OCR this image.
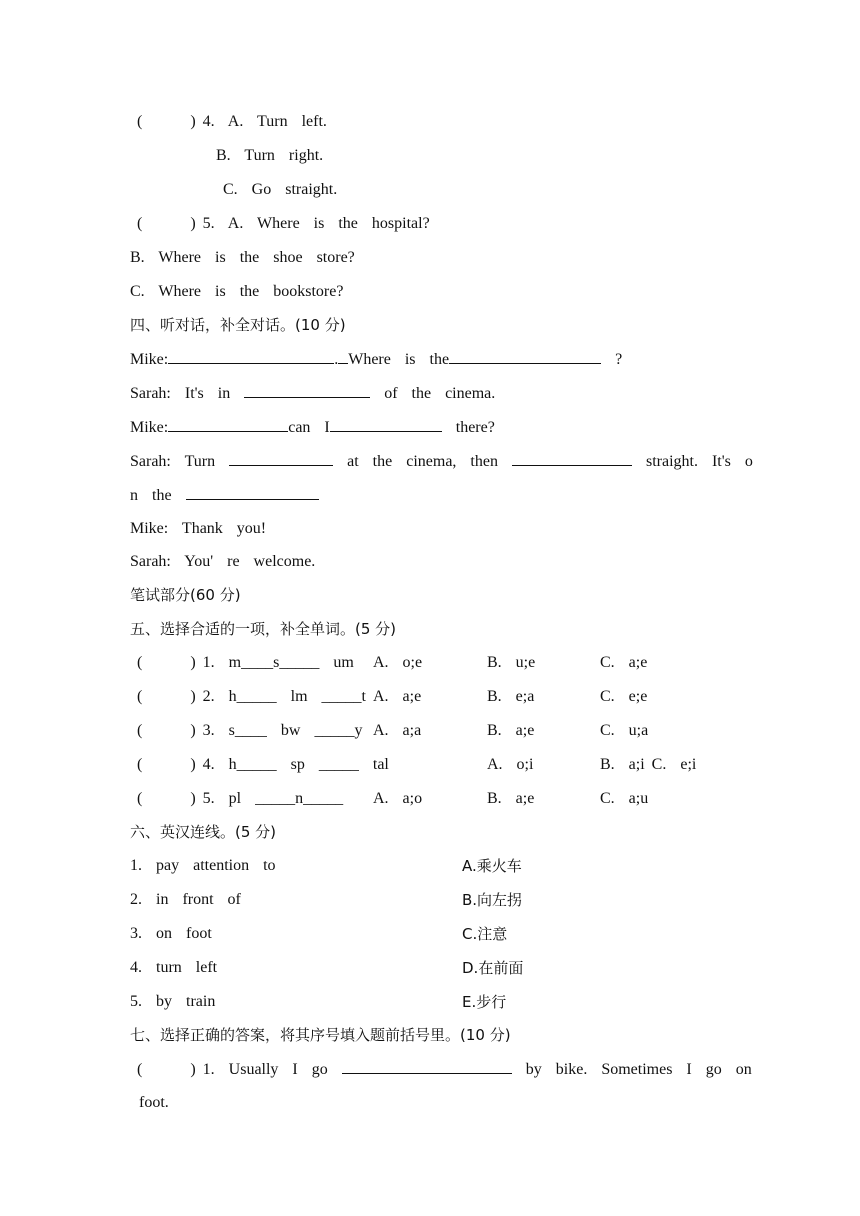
(	) 4. A.  Turn  left.
B.  Turn  right.
C.  Go  straight.
(	) 5. A.  Where  is  the  hospital?
B.  Where  is  the  shoe  store?
C.  Where  is  the  bookstore?
四、听对话，补全对话。(10 分)
Mike:	. Where  is  the	?
Sarah:  It's  in	of  the  cinema.
Mike:	can  I	there?
Sarah:  Turn	at  the  cinema,  then	straight.  It's  o
n  the
Mike:  Thank  you!
Sarah:  You'  re  welcome.
笔试部分(60 分)
五、选择合适的一项，补全单词。(5 分)
(	) 1. m____s_____  um A.  o;e	B.  u;e	C.  a;e
(	) 2. h_____  lm  _____t A.  a;e	B.  e;a	C.  e;e
(	) 3. s____  bw  _____y A.  a;a	B.  a;e	C.  u;a
(	) 4. h_____  sp  _____  tal	A.  o;i	B.  a;i C.  e;i
(	) 5. pl  _____n_____ A.  a;o	B.  a;e	C.  a;u
六、英汉连线。(5 分)
1.  pay  attention  to	A.乘火车
2.  in  front  of	B.向左拐
3.  on  foot	C.注意
4.  turn  left	D.在前面
5.  by  train	E.步行
七、选择正确的答案，将其序号填入题前括号里。(10 分)
(	) 1.  Usually  I  go	by  bike.  Sometimes  I  go  on
foot.
